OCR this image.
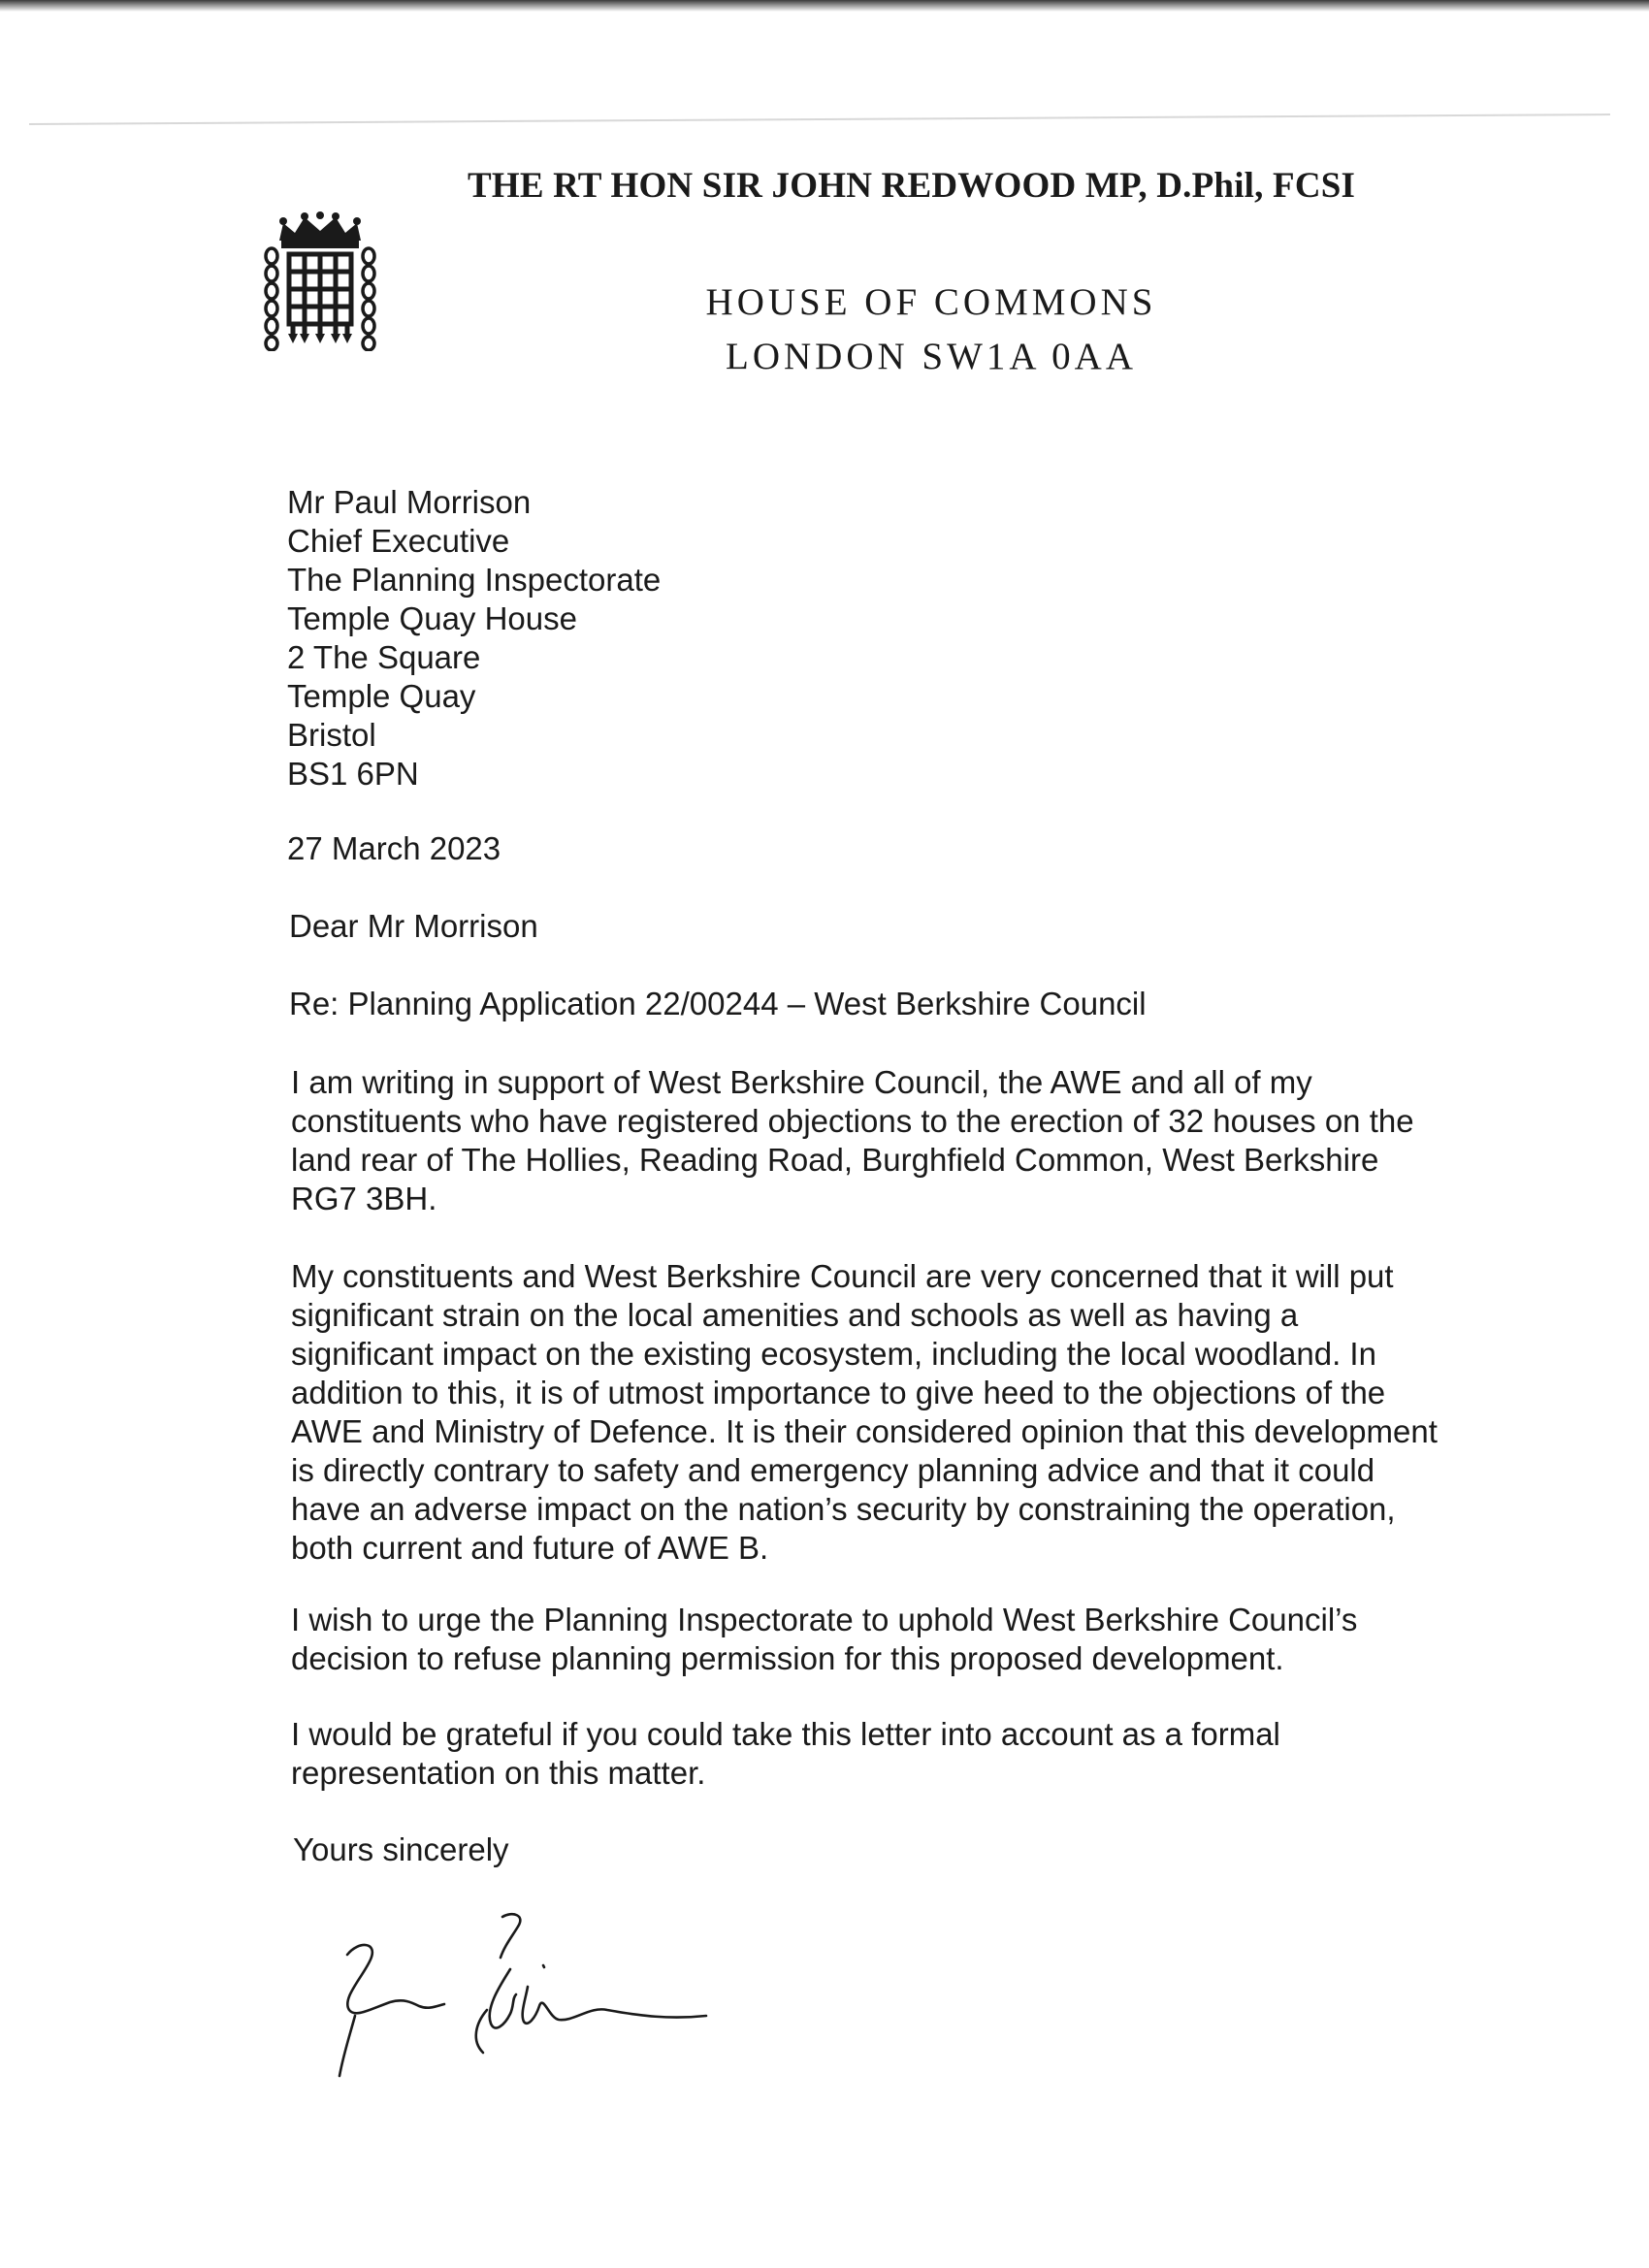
THE RT HON SIR JOHN REDWOOD MP, D.Phil, FCSI
HOUSE OF COMMONS
LONDON SW1A 0AA
Mr Paul Morrison
Chief Executive
The Planning Inspectorate
Temple Quay House
2 The Square
Temple Quay
Bristol
BS1 6PN
27 March 2023
Dear Mr Morrison
Re: Planning Application 22/00244 – West Berkshire Council
I am writing in support of West Berkshire Council, the AWE and all of my
constituents who have registered objections to the erection of 32 houses on the
land rear of The Hollies, Reading Road, Burghfield Common, West Berkshire
RG7 3BH.
My constituents and West Berkshire Council are very concerned that it will put
significant strain on the local amenities and schools as well as having a
significant impact on the existing ecosystem, including the local woodland. In
addition to this, it is of utmost importance to give heed to the objections of the
AWE and Ministry of Defence. It is their considered opinion that this development
is directly contrary to safety and emergency planning advice and that it could
have an adverse impact on the nation’s security by constraining the operation,
both current and future of AWE B.
I wish to urge the Planning Inspectorate to uphold West Berkshire Council’s
decision to refuse planning permission for this proposed development.
I would be grateful if you could take this letter into account as a formal
representation on this matter.
Yours sincerely
